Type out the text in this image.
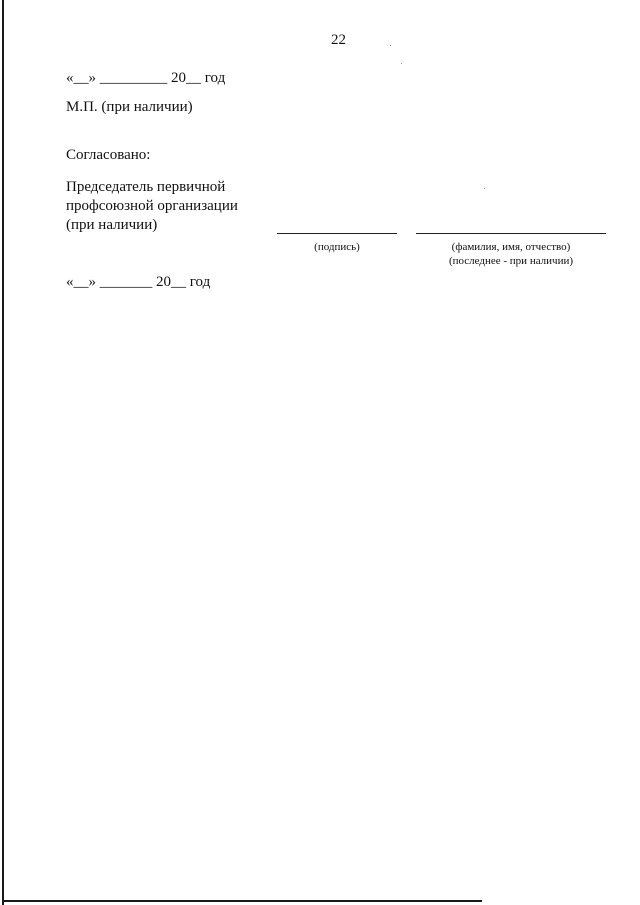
22
«__» _________ 20__ год
М.П. (при наличии)
Согласовано:
Председатель первичной
профсоюзной организации
(при наличии)
(подпись)	(фамилия, имя, отчество)
(последнее - при наличии)
«__» _______ 20__ год
